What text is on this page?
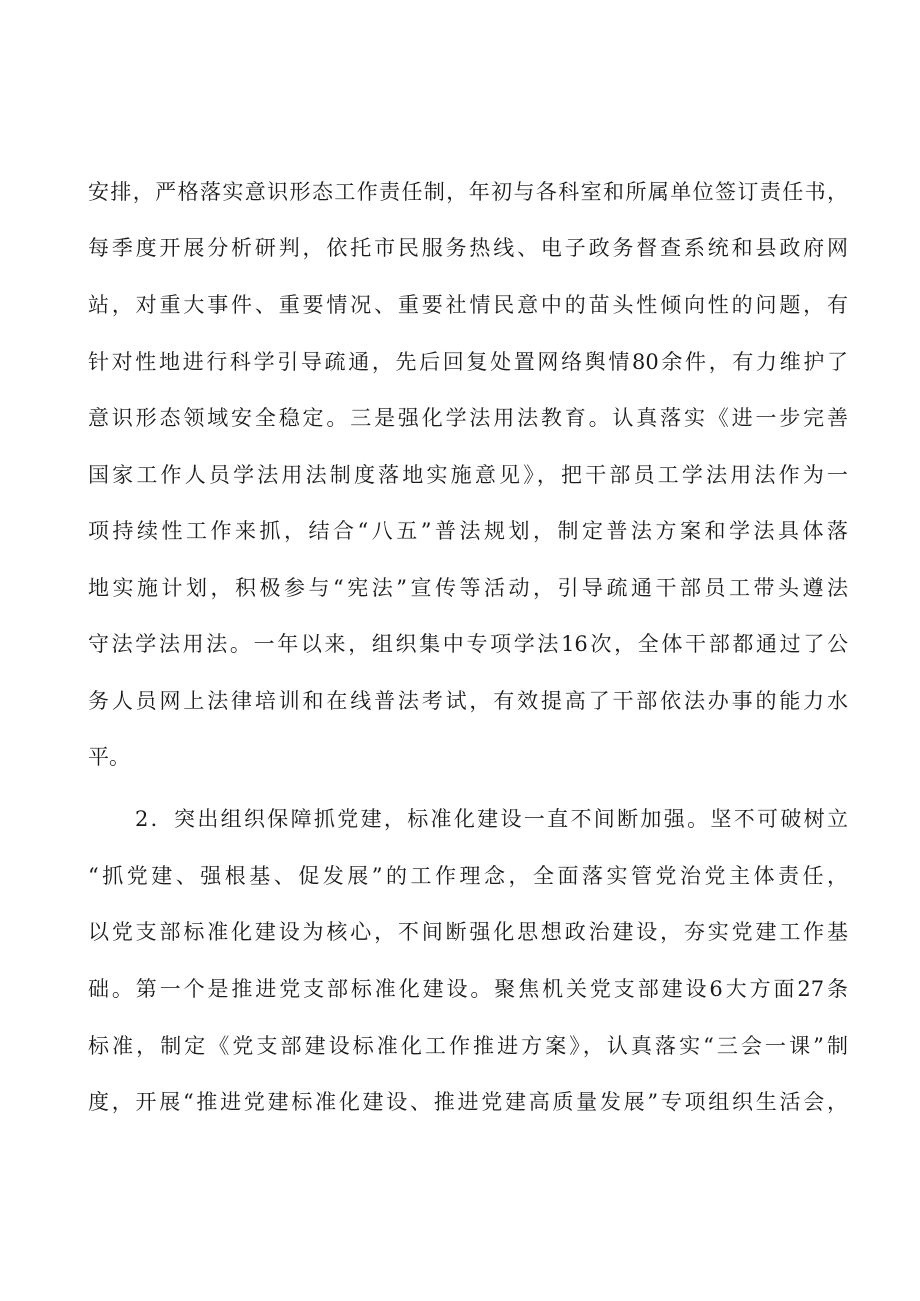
安排，严格落实意识形态工作责任制，年初与各科室和所属单位签订责任书，
每季度开展分析研判，依托市民服务热线、电子政务督查系统和县政府网
站，对重大事件、重要情况、重要社情民意中的苗头性倾向性的问题，有
针对性地进行科学引导疏通，先后回复处置网络舆情80余件，有力维护了
意识形态领域安全稳定。三是强化学法用法教育。认真落实《进一步完善
国家工作人员学法用法制度落地实施意见》，把干部员工学法用法作为一
项持续性工作来抓，结合“八五”普法规划，制定普法方案和学法具体落
地实施计划，积极参与“宪法”宣传等活动，引导疏通干部员工带头遵法
守法学法用法。一年以来，组织集中专项学法16次，全体干部都通过了公
务人员网上法律培训和在线普法考试，有效提高了干部依法办事的能力水
平。
2．突出组织保障抓党建，标准化建设一直不间断加强。坚不可破树立
“抓党建、强根基、促发展”的工作理念，全面落实管党治党主体责任，
以党支部标准化建设为核心，不间断强化思想政治建设，夯实党建工作基
础。第一个是推进党支部标准化建设。聚焦机关党支部建设6大方面27条
标准，制定《党支部建设标准化工作推进方案》，认真落实“三会一课”制
度，开展“推进党建标准化建设、推进党建高质量发展”专项组织生活会，
